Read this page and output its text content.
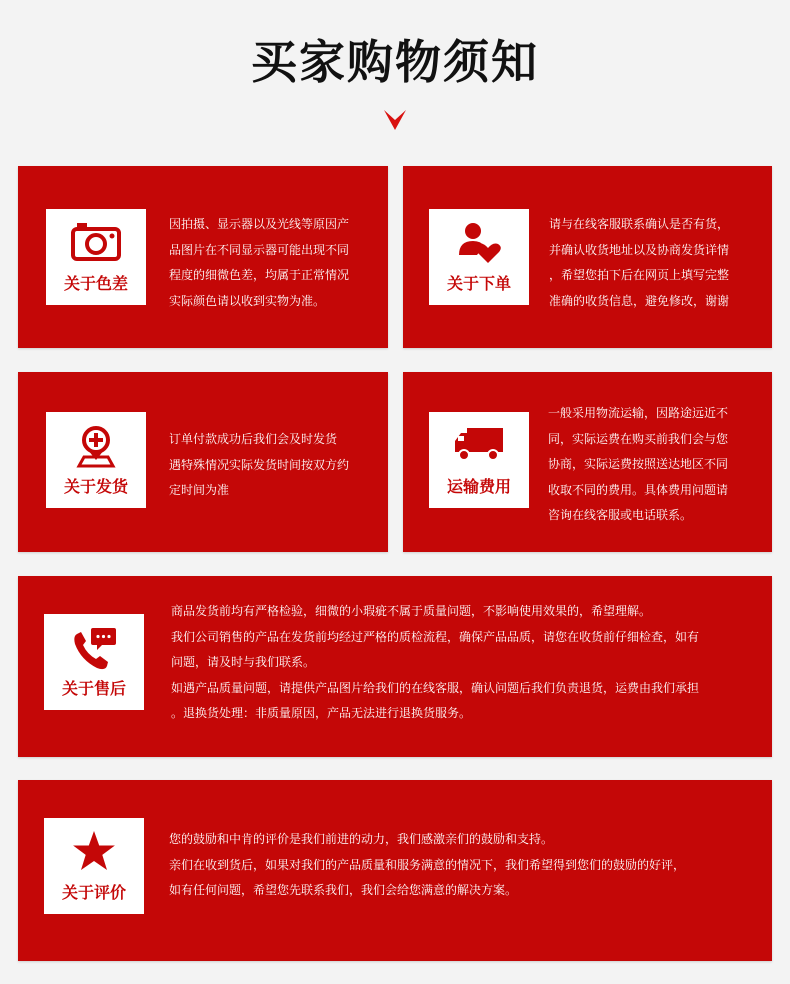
买家购物须知
关于色差

因拍摄、显示器以及光线等原因产

品图片在不同显示器可能出现不同

程度的细微色差，均属于正常情况

实际颜色请以收到实物为准。

关于下单

请与在线客服联系确认是否有货，

并确认收货地址以及协商发货详情

，希望您拍下后在网页上填写完整

准确的收货信息，避免修改，谢谢

关于发货

订单付款成功后我们会及时发货

遇特殊情况实际发货时间按双方约

定时间为准	运输费用

一般采用物流运输，因路途远近不

同，实际运费在购买前我们会与您

协商，实际运费按照送达地区不同

收取不同的费用。具体费用问题请

咨询在线客服或电话联系。

关于售后

商品发货前均有严格检验，细微的小瑕疵不属于质量问题，不影响使用效果的，希望理解。

我们公司销售的产品在发货前均经过严格的质检流程，确保产品品质，请您在收货前仔细检查，如有

问题，请及时与我们联系。

如遇产品质量问题，请提供产品图片给我们的在线客服，确认问题后我们负责退货，运费由我们承担

。退换货处理：非质量原因，产品无法进行退换货服务。

关于评价

您的鼓励和中肯的评价是我们前进的动力，我们感激亲们的鼓励和支持。

亲们在收到货后，如果对我们的产品质量和服务满意的情况下，我们希望得到您们的鼓励的好评，

如有任何问题，希望您先联系我们，我们会给您满意的解决方案。
